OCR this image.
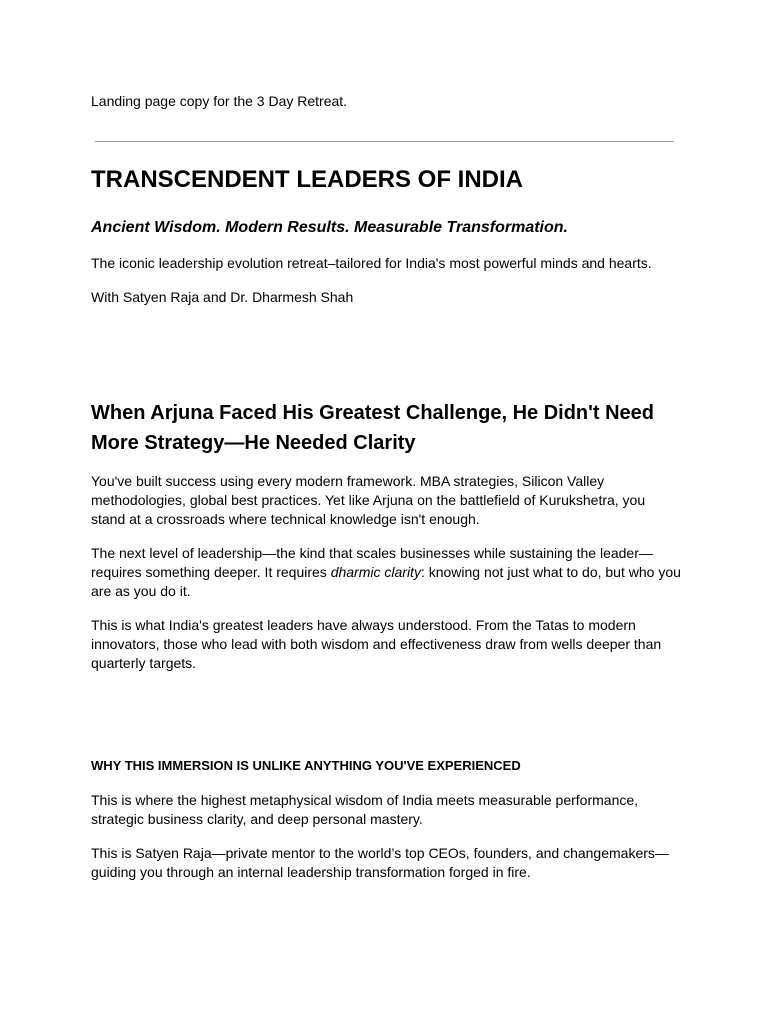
Landing page copy for the 3 Day Retreat.

TRANSCENDENT LEADERS OF INDIA

Ancient Wisdom. Modern Results. Measurable Transformation.

The iconic leadership evolution retreat–tailored for India's most powerful minds and hearts.

With Satyen Raja and Dr. Dharmesh Shah

When Arjuna Faced His Greatest Challenge, He Didn't Need More Strategy—He Needed Clarity

You've built success using every modern framework. MBA strategies, Silicon Valley methodologies, global best practices. Yet like Arjuna on the battlefield of Kurukshetra, you stand at a crossroads where technical knowledge isn't enough.

The next level of leadership—the kind that scales businesses while sustaining the leader—requires something deeper. It requires dharmic clarity: knowing not just what to do, but who you are as you do it.

This is what India's greatest leaders have always understood. From the Tatas to modern innovators, those who lead with both wisdom and effectiveness draw from wells deeper than quarterly targets.

WHY THIS IMMERSION IS UNLIKE ANYTHING YOU'VE EXPERIENCED

This is where the highest metaphysical wisdom of India meets measurable performance, strategic business clarity, and deep personal mastery.

This is Satyen Raja—private mentor to the world’s top CEOs, founders, and changemakers—guiding you through an internal leadership transformation forged in fire.
